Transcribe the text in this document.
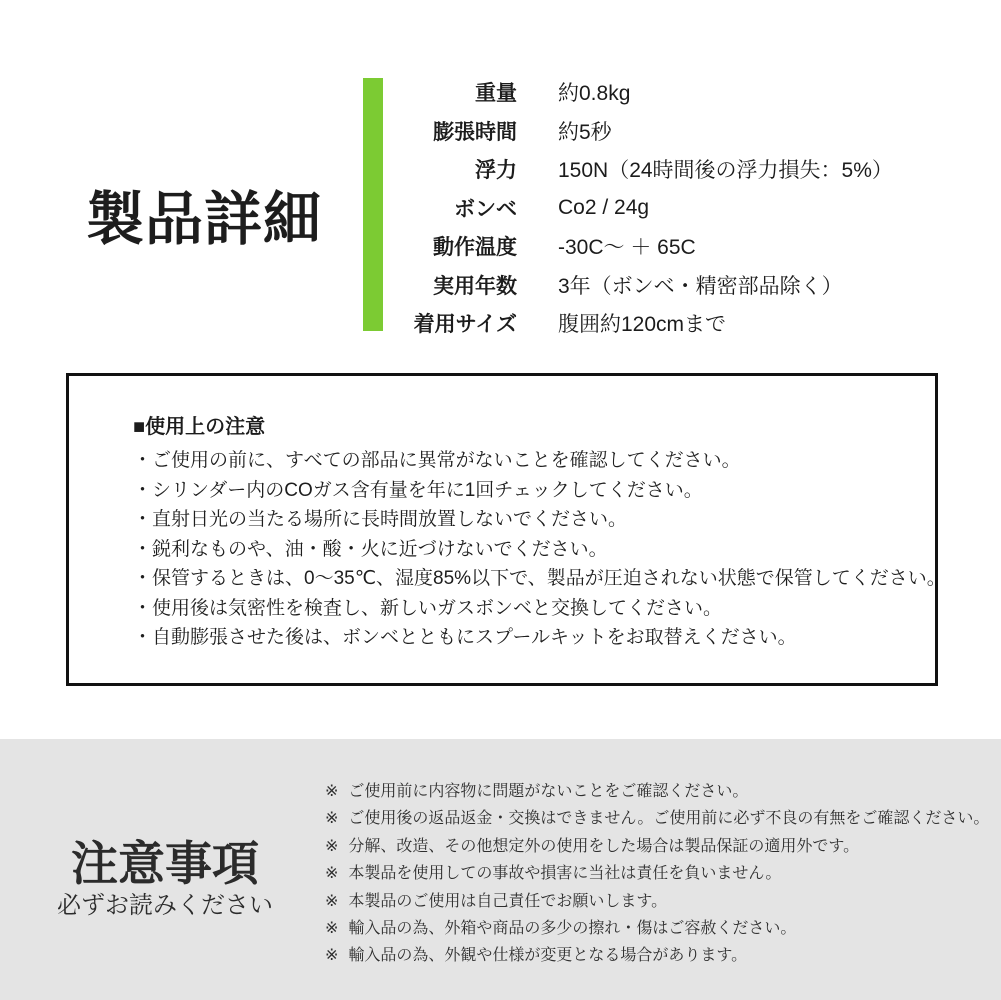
製品詳細
重量 約0.8kg
膨張時間 約5秒
浮力 150N（24時間後の浮力損失：5%）
ボンベ Co2 / 24g
動作温度 -30C～ ＋ 65C
実用年数 3年（ボンベ・精密部品除く）
着用サイズ 腹囲約120cmまで
■使用上の注意
・ご使用の前に、すべての部品に異常がないことを確認してください。
・シリンダー内のCOガス含有量を年に1回チェックしてください。
・直射日光の当たる場所に長時間放置しないでください。
・鋭利なものや、油・酸・火に近づけないでください。
・保管するときは、0～35℃、湿度85%以下で、製品が圧迫されない状態で保管してください。
・使用後は気密性を検査し、新しいガスボンベと交換してください。
・自動膨張させた後は、ボンベとともにスプールキットをお取替えください。
注意事項
必ずお読みください
※ ご使用前に内容物に問題がないことをご確認ください。
※ ご使用後の返品返金・交換はできません。ご使用前に必ず不良の有無をご確認ください。
※ 分解、改造、その他想定外の使用をした場合は製品保証の適用外です。
※ 本製品を使用しての事故や損害に当社は責任を負いません。
※ 本製品のご使用は自己責任でお願いします。
※ 輸入品の為、外箱や商品の多少の擦れ・傷はご容赦ください。
※ 輸入品の為、外観や仕様が変更となる場合があります。
